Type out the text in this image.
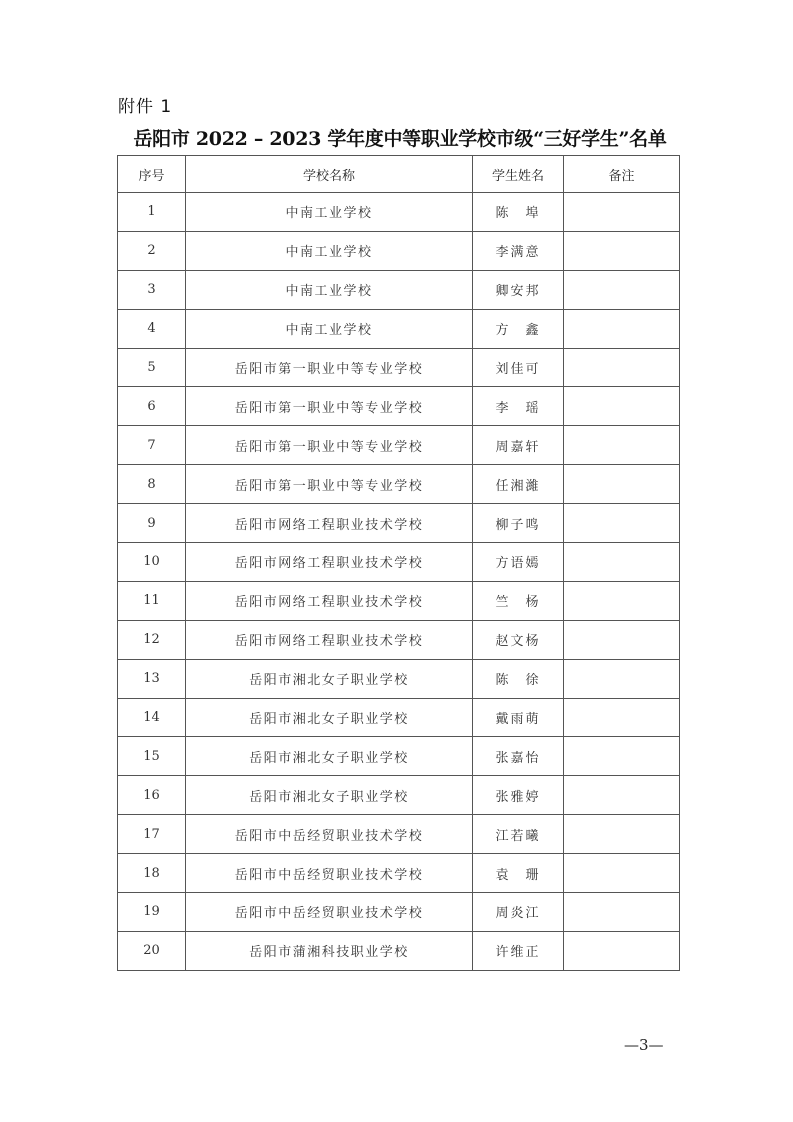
附件 1
岳阳市 2022 – 2023 学年度中等职业学校市级“三好学生”名单
序号	学校名称	学生姓名	备注
1	中南工业学校	陈　埠	
2	中南工业学校	李满意	
3	中南工业学校	卿安邦	
4	中南工业学校	方　鑫	
5	岳阳市第一职业中等专业学校	刘佳可	
6	岳阳市第一职业中等专业学校	李　瑶	
7	岳阳市第一职业中等专业学校	周嘉轩	
8	岳阳市第一职业中等专业学校	任湘濰	
9	岳阳市网络工程职业技术学校	柳子鸣	
10	岳阳市网络工程职业技术学校	方语嫣	
11	岳阳市网络工程职业技术学校	竺　杨	
12	岳阳市网络工程职业技术学校	赵文杨	
13	岳阳市湘北女子职业学校	陈　徐	
14	岳阳市湘北女子职业学校	戴雨萌	
15	岳阳市湘北女子职业学校	张嘉怡	
16	岳阳市湘北女子职业学校	张雅婷	
17	岳阳市中岳经贸职业技术学校	江若曦	
18	岳阳市中岳经贸职业技术学校	袁　珊	
19	岳阳市中岳经贸职业技术学校	周炎江	
20	岳阳市蒲湘科技职业学校	许维正	
—3—
